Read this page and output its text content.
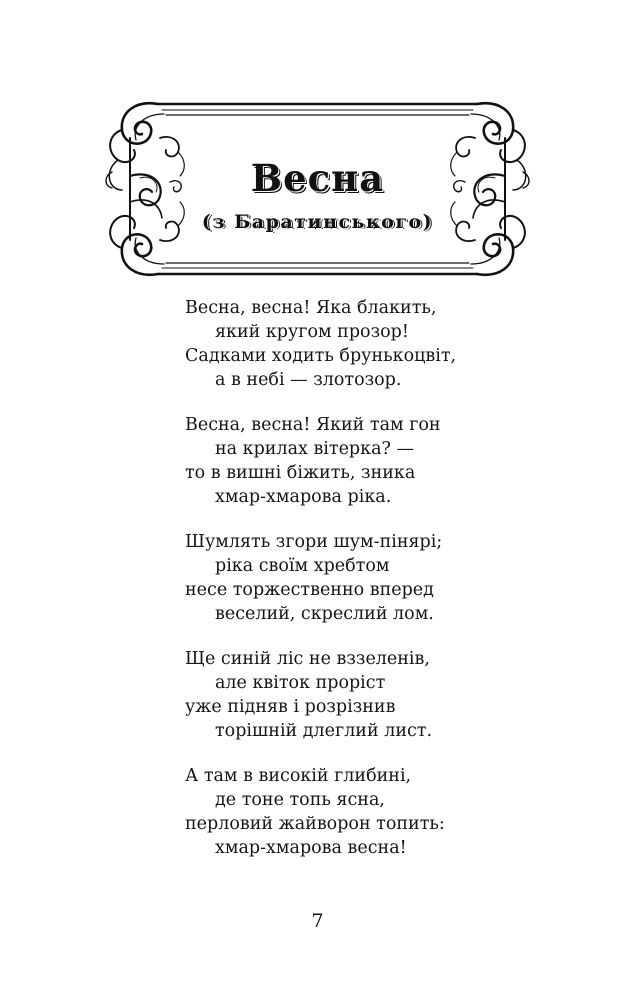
Весна
(з Баратинського)
Весна, весна! Яка блакить,
який кругом прозор!
Садками ходить брунькоцвіт,
а в небі — злотозор.
Весна, весна! Який там гон
на крилах вітерка? —
то в вишні біжить, зника
хмар-хмарова ріка.
Шумлять згори шум-пінярі;
ріка своїм хребтом
несе торжественно вперед
веселий, скреслий лом.
Ще синій ліс не вззеленів,
але квіток проріст
уже підняв і розрізнив
торішній длеглий лист.
А там в високій глибині,
де тоне топь ясна,
перловий жайворон топить:
хмар-хмарова весна!
7
